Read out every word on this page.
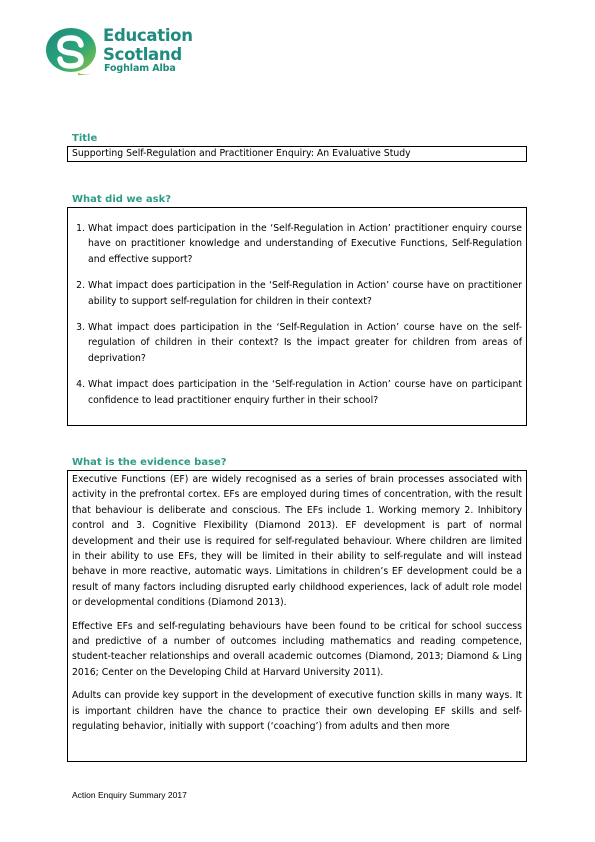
Education
Scotland
Foghlam Alba
Title
Supporting Self-Regulation and Practitioner Enquiry: An Evaluative Study
What did we ask?
1. What impact does participation in the ‘Self-Regulation in Action’ practitioner enquiry course have on practitioner knowledge and understanding of Executive Functions, Self-Regulation and effective support?
2. What impact does participation in the ‘Self-Regulation in Action’ course have on practitioner ability to support self-regulation for children in their context?
3. What impact does participation in the ‘Self-Regulation in Action’ course have on the self-regulation of children in their context? Is the impact greater for children from areas of deprivation?
4. What impact does participation in the ‘Self-regulation in Action’ course have on participant confidence to lead practitioner enquiry further in their school?
What is the evidence base?

Executive Functions (EF) are widely recognised as a series of brain processes associated with activity in the prefrontal cortex. EFs are employed during times of concentration, with the result that behaviour is deliberate and conscious. The EFs include 1. Working memory 2. Inhibitory control and 3. Cognitive Flexibility (Diamond 2013). EF development is part of normal development and their use is required for self-regulated behaviour. Where children are limited in their ability to use EFs, they will be limited in their ability to self-regulate and will instead behave in more reactive, automatic ways. Limitations in children’s EF development could be a result of many factors including disrupted early childhood experiences, lack of adult role model or developmental conditions (Diamond 2013).

Effective EFs and self-regulating behaviours have been found to be critical for school success and predictive of a number of outcomes including mathematics and reading competence, student-teacher relationships and overall academic outcomes (Diamond, 2013; Diamond & Ling 2016; Center on the Developing Child at Harvard University 2011).

Adults can provide key support in the development of executive function skills in many ways. It is important children have the chance to practice their own developing EF skills and self-regulating behavior, initially with support (‘coaching’) from adults and then more

Action Enquiry Summary 2017
